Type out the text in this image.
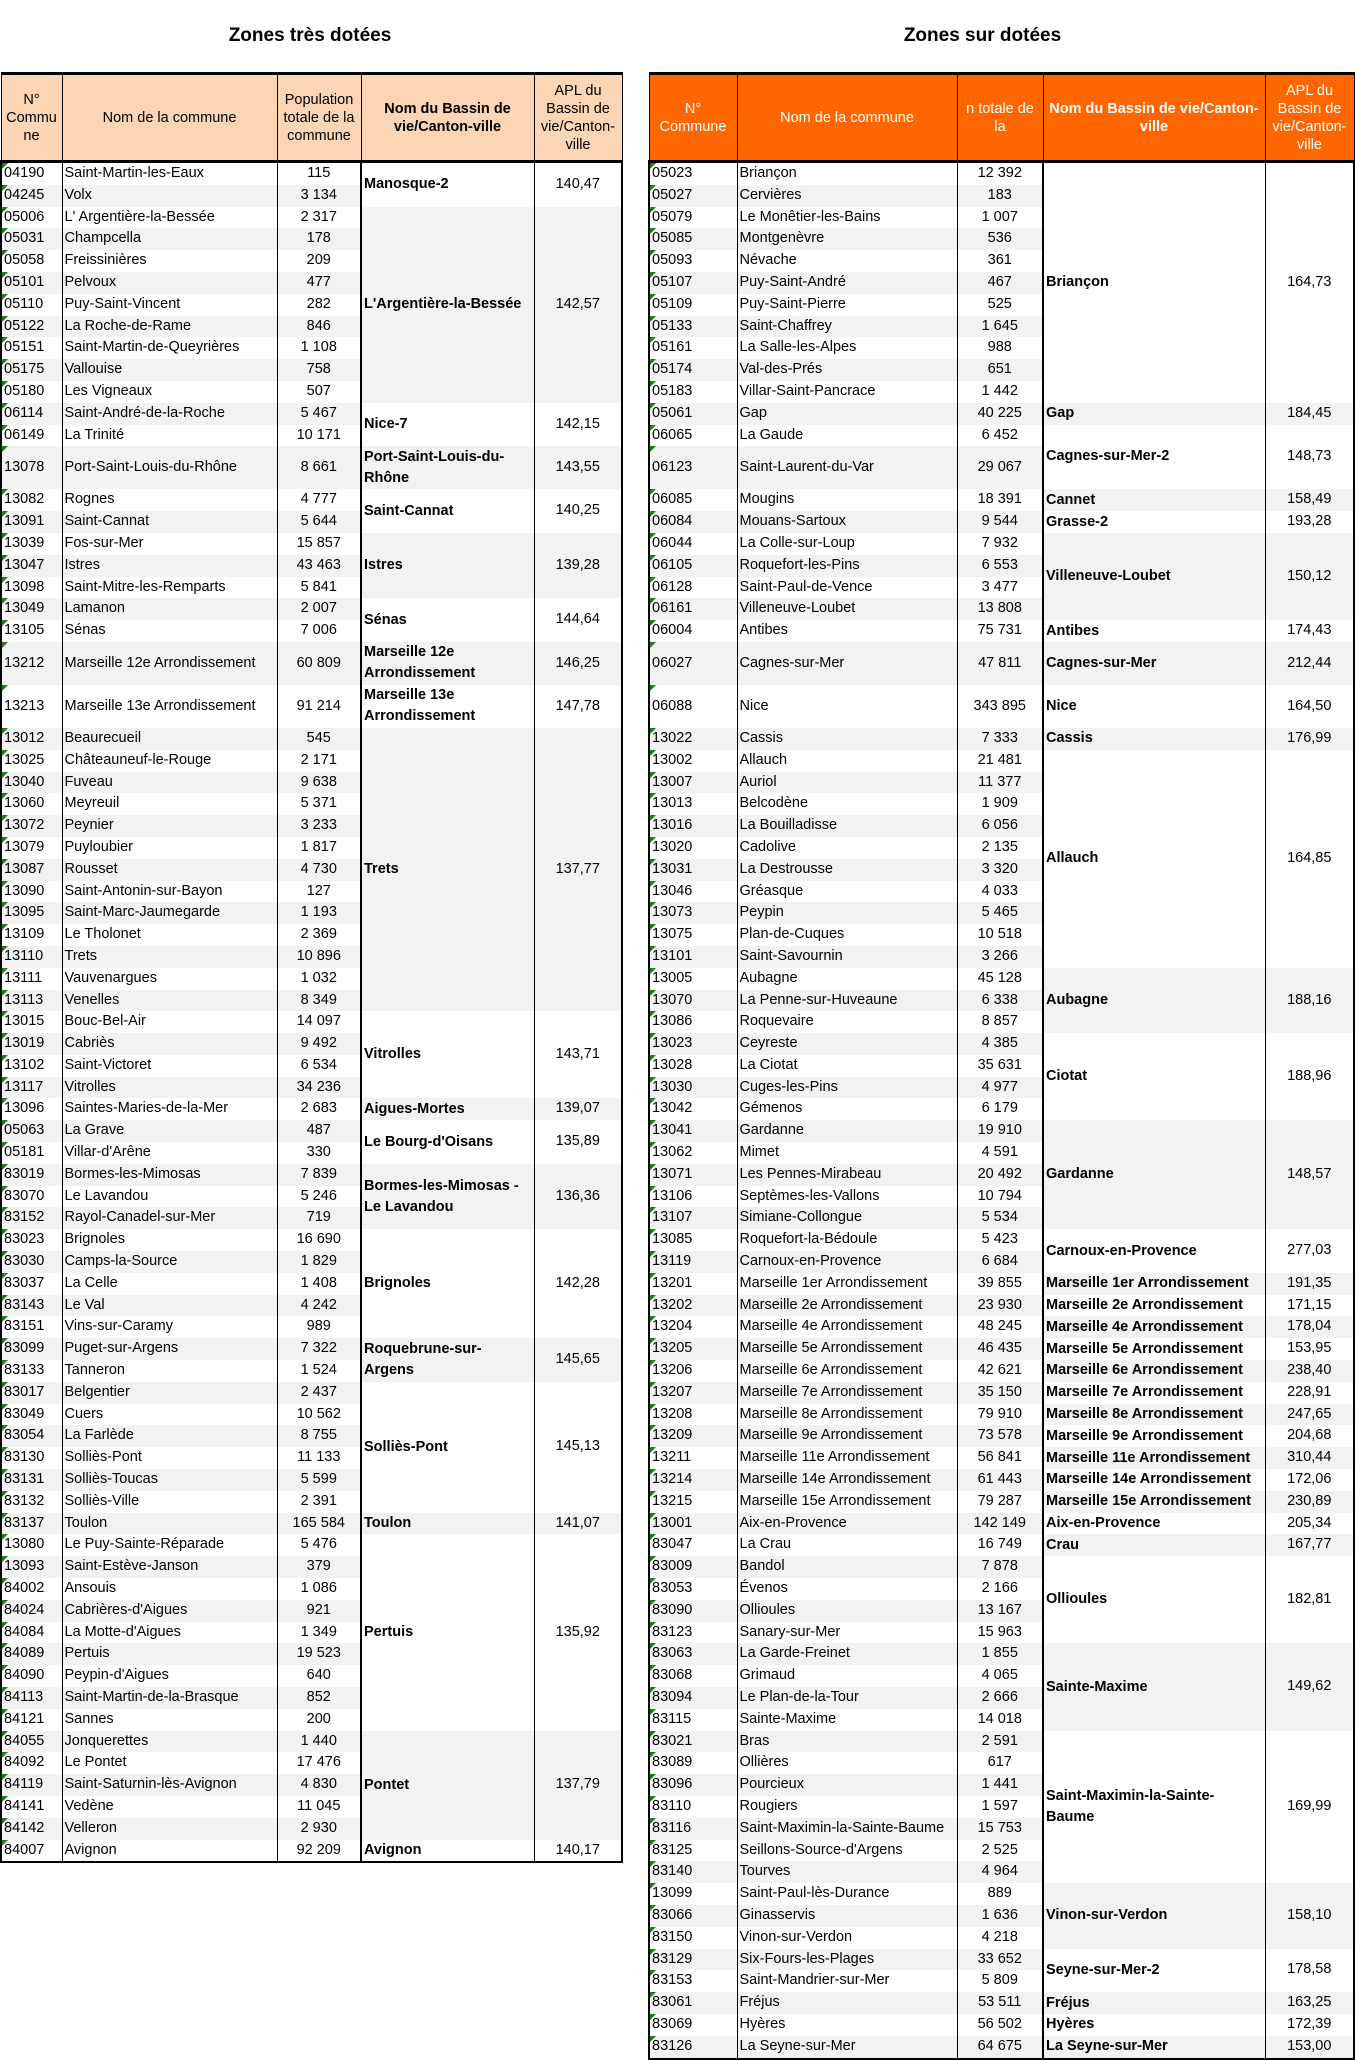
Zones très dotées	Zones sur dotées
N° Commu ne	Nom de la commune	Population totale de la commune	Nom du Bassin de vie/Canton-ville	APL du Bassin de vie/Canton-ville
04190	Saint-Martin-les-Eaux	115	Manosque-2	140,47
04245	Volx	3 134		
05006	L' Argentière-la-Bessée	2 317	L'Argentière-la-Bessée	142,57
05031	Champcella	178		
05058	Freissinières	209		
05101	Pelvoux	477		
05110	Puy-Saint-Vincent	282		
05122	La Roche-de-Rame	846		
05151	Saint-Martin-de-Queyrières	1 108		
05175	Vallouise	758		
05180	Les Vigneaux	507		
06114	Saint-André-de-la-Roche	5 467	Nice-7	142,15
06149	La Trinité	10 171		
13078	Port-Saint-Louis-du-Rhône	8 661	Port-Saint-Louis-du-Rhône	143,55
13082	Rognes	4 777	Saint-Cannat	140,25
13091	Saint-Cannat	5 644		
13039	Fos-sur-Mer	15 857	Istres	139,28
13047	Istres	43 463		
13098	Saint-Mitre-les-Remparts	5 841		
13049	Lamanon	2 007	Sénas	144,64
13105	Sénas	7 006		
13212	Marseille 12e Arrondissement	60 809	Marseille 12e Arrondissement	146,25
13213	Marseille 13e Arrondissement	91 214	Marseille 13e Arrondissement	147,78
13012	Beaurecueil	545	Trets	137,77
13025	Châteauneuf-le-Rouge	2 171		
13040	Fuveau	9 638		
13060	Meyreuil	5 371		
13072	Peynier	3 233		
13079	Puyloubier	1 817		
13087	Rousset	4 730		
13090	Saint-Antonin-sur-Bayon	127		
13095	Saint-Marc-Jaumegarde	1 193		
13109	Le Tholonet	2 369		
13110	Trets	10 896		
13111	Vauvenargues	1 032		
13113	Venelles	8 349		
13015	Bouc-Bel-Air	14 097	Vitrolles	143,71
13019	Cabriès	9 492		
13102	Saint-Victoret	6 534		
13117	Vitrolles	34 236		
13096	Saintes-Maries-de-la-Mer	2 683	Aigues-Mortes	139,07
05063	La Grave	487	Le Bourg-d'Oisans	135,89
05181	Villar-d'Arêne	330		
83019	Bormes-les-Mimosas	7 839	Bormes-les-Mimosas - Le Lavandou	136,36
83070	Le Lavandou	5 246		
83152	Rayol-Canadel-sur-Mer	719		
83023	Brignoles	16 690	Brignoles	142,28
83030	Camps-la-Source	1 829		
83037	La Celle	1 408		
83143	Le Val	4 242		
83151	Vins-sur-Caramy	989		
83099	Puget-sur-Argens	7 322	Roquebrune-sur-Argens	145,65
83133	Tanneron	1 524		
83017	Belgentier	2 437	Solliès-Pont	145,13
83049	Cuers	10 562		
83054	La Farlède	8 755		
83130	Solliès-Pont	11 133		
83131	Solliès-Toucas	5 599		
83132	Solliès-Ville	2 391		
83137	Toulon	165 584	Toulon	141,07
13080	Le Puy-Sainte-Réparade	5 476	Pertuis	135,92
13093	Saint-Estève-Janson	379		
84002	Ansouis	1 086		
84024	Cabrières-d'Aigues	921		
84084	La Motte-d'Aigues	1 349		
84089	Pertuis	19 523		
84090	Peypin-d'Aigues	640		
84113	Saint-Martin-de-la-Brasque	852		
84121	Sannes	200		
84055	Jonquerettes	1 440	Pontet	137,79
84092	Le Pontet	17 476		
84119	Saint-Saturnin-lès-Avignon	4 830		
84141	Vedène	11 045		
84142	Velleron	2 930		
84007	Avignon	92 209	Avignon	140,17
N° Commune	Nom de la commune	n totale de la	Nom du Bassin de vie/Canton-ville	APL du Bassin de vie/Canton-ville
05023	Briançon	12 392	Briançon	164,73
05027	Cervières	183		
05079	Le Monêtier-les-Bains	1 007		
05085	Montgenèvre	536		
05093	Névache	361		
05107	Puy-Saint-André	467		
05109	Puy-Saint-Pierre	525		
05133	Saint-Chaffrey	1 645		
05161	La Salle-les-Alpes	988		
05174	Val-des-Prés	651		
05183	Villar-Saint-Pancrace	1 442		
05061	Gap	40 225	Gap	184,45
06065	La Gaude	6 452	Cagnes-sur-Mer-2	148,73
06123	Saint-Laurent-du-Var	29 067		
06085	Mougins	18 391	Cannet	158,49
06084	Mouans-Sartoux	9 544	Grasse-2	193,28
06044	La Colle-sur-Loup	7 932	Villeneuve-Loubet	150,12
06105	Roquefort-les-Pins	6 553		
06128	Saint-Paul-de-Vence	3 477		
06161	Villeneuve-Loubet	13 808		
06004	Antibes	75 731	Antibes	174,43
06027	Cagnes-sur-Mer	47 811	Cagnes-sur-Mer	212,44
06088	Nice	343 895	Nice	164,50
13022	Cassis	7 333	Cassis	176,99
13002	Allauch	21 481	Allauch	164,85
13007	Auriol	11 377		
13013	Belcodène	1 909		
13016	La Bouilladisse	6 056		
13020	Cadolive	2 135		
13031	La Destrousse	3 320		
13046	Gréasque	4 033		
13073	Peypin	5 465		
13075	Plan-de-Cuques	10 518		
13101	Saint-Savournin	3 266		
13005	Aubagne	45 128	Aubagne	188,16
13070	La Penne-sur-Huveaune	6 338		
13086	Roquevaire	8 857		
13023	Ceyreste	4 385	Ciotat	188,96
13028	La Ciotat	35 631		
13030	Cuges-les-Pins	4 977		
13042	Gémenos	6 179		
13041	Gardanne	19 910	Gardanne	148,57
13062	Mimet	4 591		
13071	Les Pennes-Mirabeau	20 492		
13106	Septèmes-les-Vallons	10 794		
13107	Simiane-Collongue	5 534		
13085	Roquefort-la-Bédoule	5 423	Carnoux-en-Provence	277,03
13119	Carnoux-en-Provence	6 684		
13201	Marseille 1er Arrondissement	39 855	Marseille 1er Arrondissement	191,35
13202	Marseille 2e Arrondissement	23 930	Marseille 2e Arrondissement	171,15
13204	Marseille 4e Arrondissement	48 245	Marseille 4e Arrondissement	178,04
13205	Marseille 5e Arrondissement	46 435	Marseille 5e Arrondissement	153,95
13206	Marseille 6e Arrondissement	42 621	Marseille 6e Arrondissement	238,40
13207	Marseille 7e Arrondissement	35 150	Marseille 7e Arrondissement	228,91
13208	Marseille 8e Arrondissement	79 910	Marseille 8e Arrondissement	247,65
13209	Marseille 9e Arrondissement	73 578	Marseille 9e Arrondissement	204,68
13211	Marseille 11e Arrondissement	56 841	Marseille 11e Arrondissement	310,44
13214	Marseille 14e Arrondissement	61 443	Marseille 14e Arrondissement	172,06
13215	Marseille 15e Arrondissement	79 287	Marseille 15e Arrondissement	230,89
13001	Aix-en-Provence	142 149	Aix-en-Provence	205,34
83047	La Crau	16 749	Crau	167,77
83009	Bandol	7 878	Ollioules	182,81
83053	Évenos	2 166		
83090	Ollioules	13 167		
83123	Sanary-sur-Mer	15 963		
83063	La Garde-Freinet	1 855	Sainte-Maxime	149,62
83068	Grimaud	4 065		
83094	Le Plan-de-la-Tour	2 666		
83115	Sainte-Maxime	14 018		
83021	Bras	2 591	Saint-Maximin-la-Sainte-Baume	169,99
83089	Ollières	617		
83096	Pourcieux	1 441		
83110	Rougiers	1 597		
83116	Saint-Maximin-la-Sainte-Baume	15 753		
83125	Seillons-Source-d'Argens	2 525		
83140	Tourves	4 964		
13099	Saint-Paul-lès-Durance	889	Vinon-sur-Verdon	158,10
83066	Ginasservis	1 636		
83150	Vinon-sur-Verdon	4 218		
83129	Six-Fours-les-Plages	33 652	Seyne-sur-Mer-2	178,58
83153	Saint-Mandrier-sur-Mer	5 809		
83061	Fréjus	53 511	Fréjus	163,25
83069	Hyères	56 502	Hyères	172,39
83126	La Seyne-sur-Mer	64 675	La Seyne-sur-Mer	153,00
